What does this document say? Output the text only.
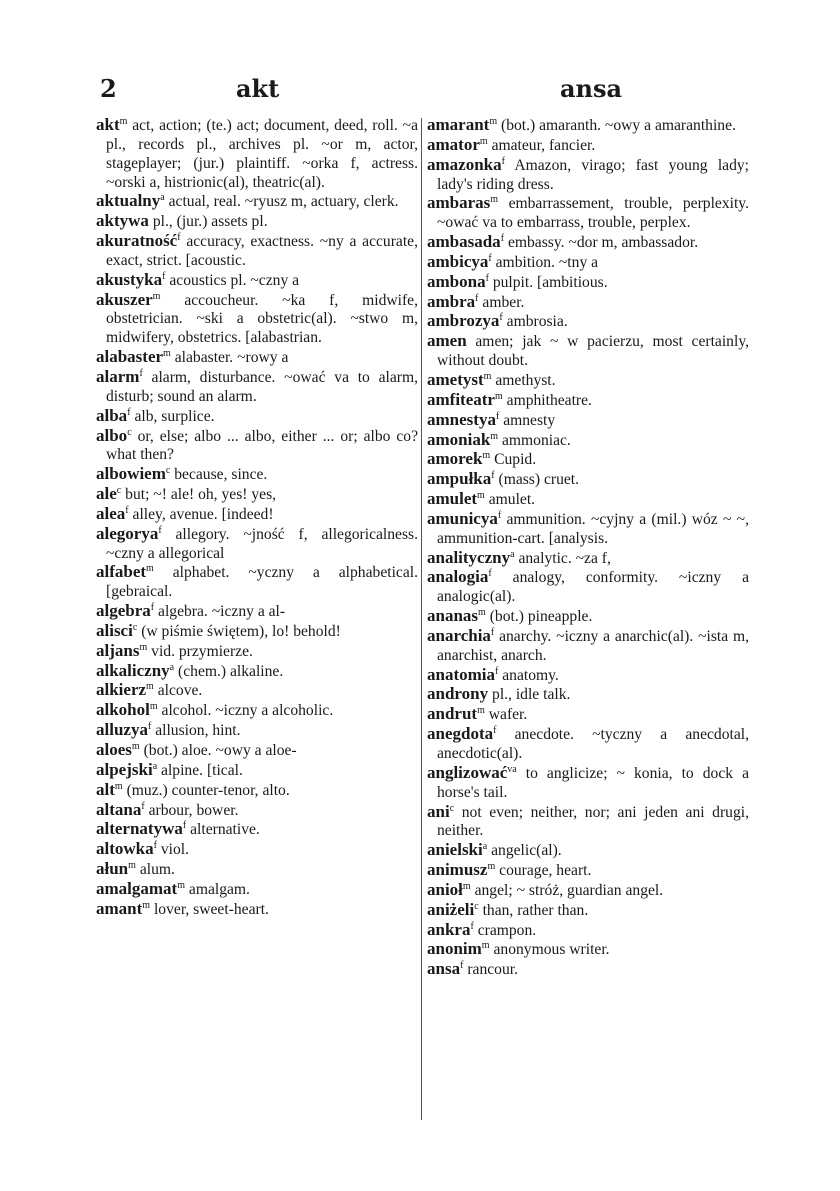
2	akt	ansa

akt$^m$ act, action; (te.) act; document, deed, roll. ~a pl., records pl., archives pl. ~or m, actor, stageplayer; (jur.) plaintiff. ~orka f, actress. ~orski a, histrionic(al), theatric(al).

aktualny$^a$ actual, real. ~ryusz m, actuary, clerk.

aktywa pl., (jur.) assets pl.

akuratność$^f$ accuracy, exactness. ~ny a accurate, exact, strict. [acoustic.

akustyka$^f$ acoustics pl. ~czny a

akuszer$^m$ accoucheur. ~ka f, midwife, obstetrician. ~ski a obstetric(al). ~stwo m, midwifery, obstetrics. [alabastrian.

alabaster$^m$ alabaster. ~rowy a

alarm$^f$ alarm, disturbance. ~ować va to alarm, disturb; sound an alarm.

alba$^f$ alb, surplice.

albo$^c$ or, else; albo ... albo, either ... or; albo co? what then?

albowiem$^c$ because, since.

ale$^c$ but; ~! ale! oh, yes! yes,

alea$^f$ alley, avenue. [indeed!

alegorya$^f$ allegory. ~jność f, allegoricalness. ~czny a allegorical

alfabet$^m$ alphabet. ~yczny a alphabetical. [gebraical.

algebra$^f$ algebra. ~iczny a al-

alisci$^c$ (w piśmie świętem), lo! behold!

aljans$^m$ vid. przymierze.

alkaliczny$^a$ (chem.) alkaline.

alkierz$^m$ alcove.

alkohol$^m$ alcohol. ~iczny a alcoholic.

alluzya$^f$ allusion, hint.

aloes$^m$ (bot.) aloe. ~owy a aloe-

alpejski$^a$ alpine. [tical.

alt$^m$ (muz.) counter-tenor, alto.

altana$^f$ arbour, bower.

alternatywa$^f$ alternative.

altowka$^f$ viol.

ałun$^m$ alum.

amalgamat$^m$ amalgam.

amant$^m$ lover, sweet-heart.

amarant$^m$ (bot.) amaranth. ~owy a amaranthine.

amator$^m$ amateur, fancier.

amazonka$^f$ Amazon, virago; fast young lady; lady's riding dress.

ambaras$^m$ embarrassement, trouble, perplexity. ~ować va to embarrass, trouble, perplex.

ambasada$^f$ embassy. ~dor m, ambassador.

ambicya$^f$ ambition. ~tny a

ambona$^f$ pulpit. [ambitious.

ambra$^f$ amber.

ambrozya$^f$ ambrosia.

amen amen; jak ~ w pacierzu, most certainly, without doubt.

ametyst$^m$ amethyst.

amfiteatr$^m$ amphitheatre.

amnestya$^f$ amnesty

amoniak$^m$ ammoniac.

amorek$^m$ Cupid.

ampułka$^f$ (mass) cruet.

amulet$^m$ amulet.

amunicya$^f$ ammunition. ~cyjny a (mil.) wóz ~ ~, ammunition-cart. [analysis.

analityczny$^a$ analytic. ~za f,

analogia$^f$ analogy, conformity. ~iczny a analogic(al).

ananas$^m$ (bot.) pineapple.

anarchia$^f$ anarchy. ~iczny a anarchic(al). ~ista m, anarchist, anarch.

anatomia$^f$ anatomy.

androny pl., idle talk.

andrut$^m$ wafer.

anegdota$^f$ anecdote. ~tyczny a anecdotal, anecdotic(al).

anglizować$^{va}$ to anglicize; ~ konia, to dock a horse's tail.

ani$^c$ not even; neither, nor; ani jeden ani drugi, neither.

anielski$^a$ angelic(al).

animusz$^m$ courage, heart.

anioł$^m$ angel; ~ stróż, guardian angel.

aniżeli$^c$ than, rather than.

ankra$^f$ crampon.

anonim$^m$ anonymous writer.

ansa$^f$ rancour.
